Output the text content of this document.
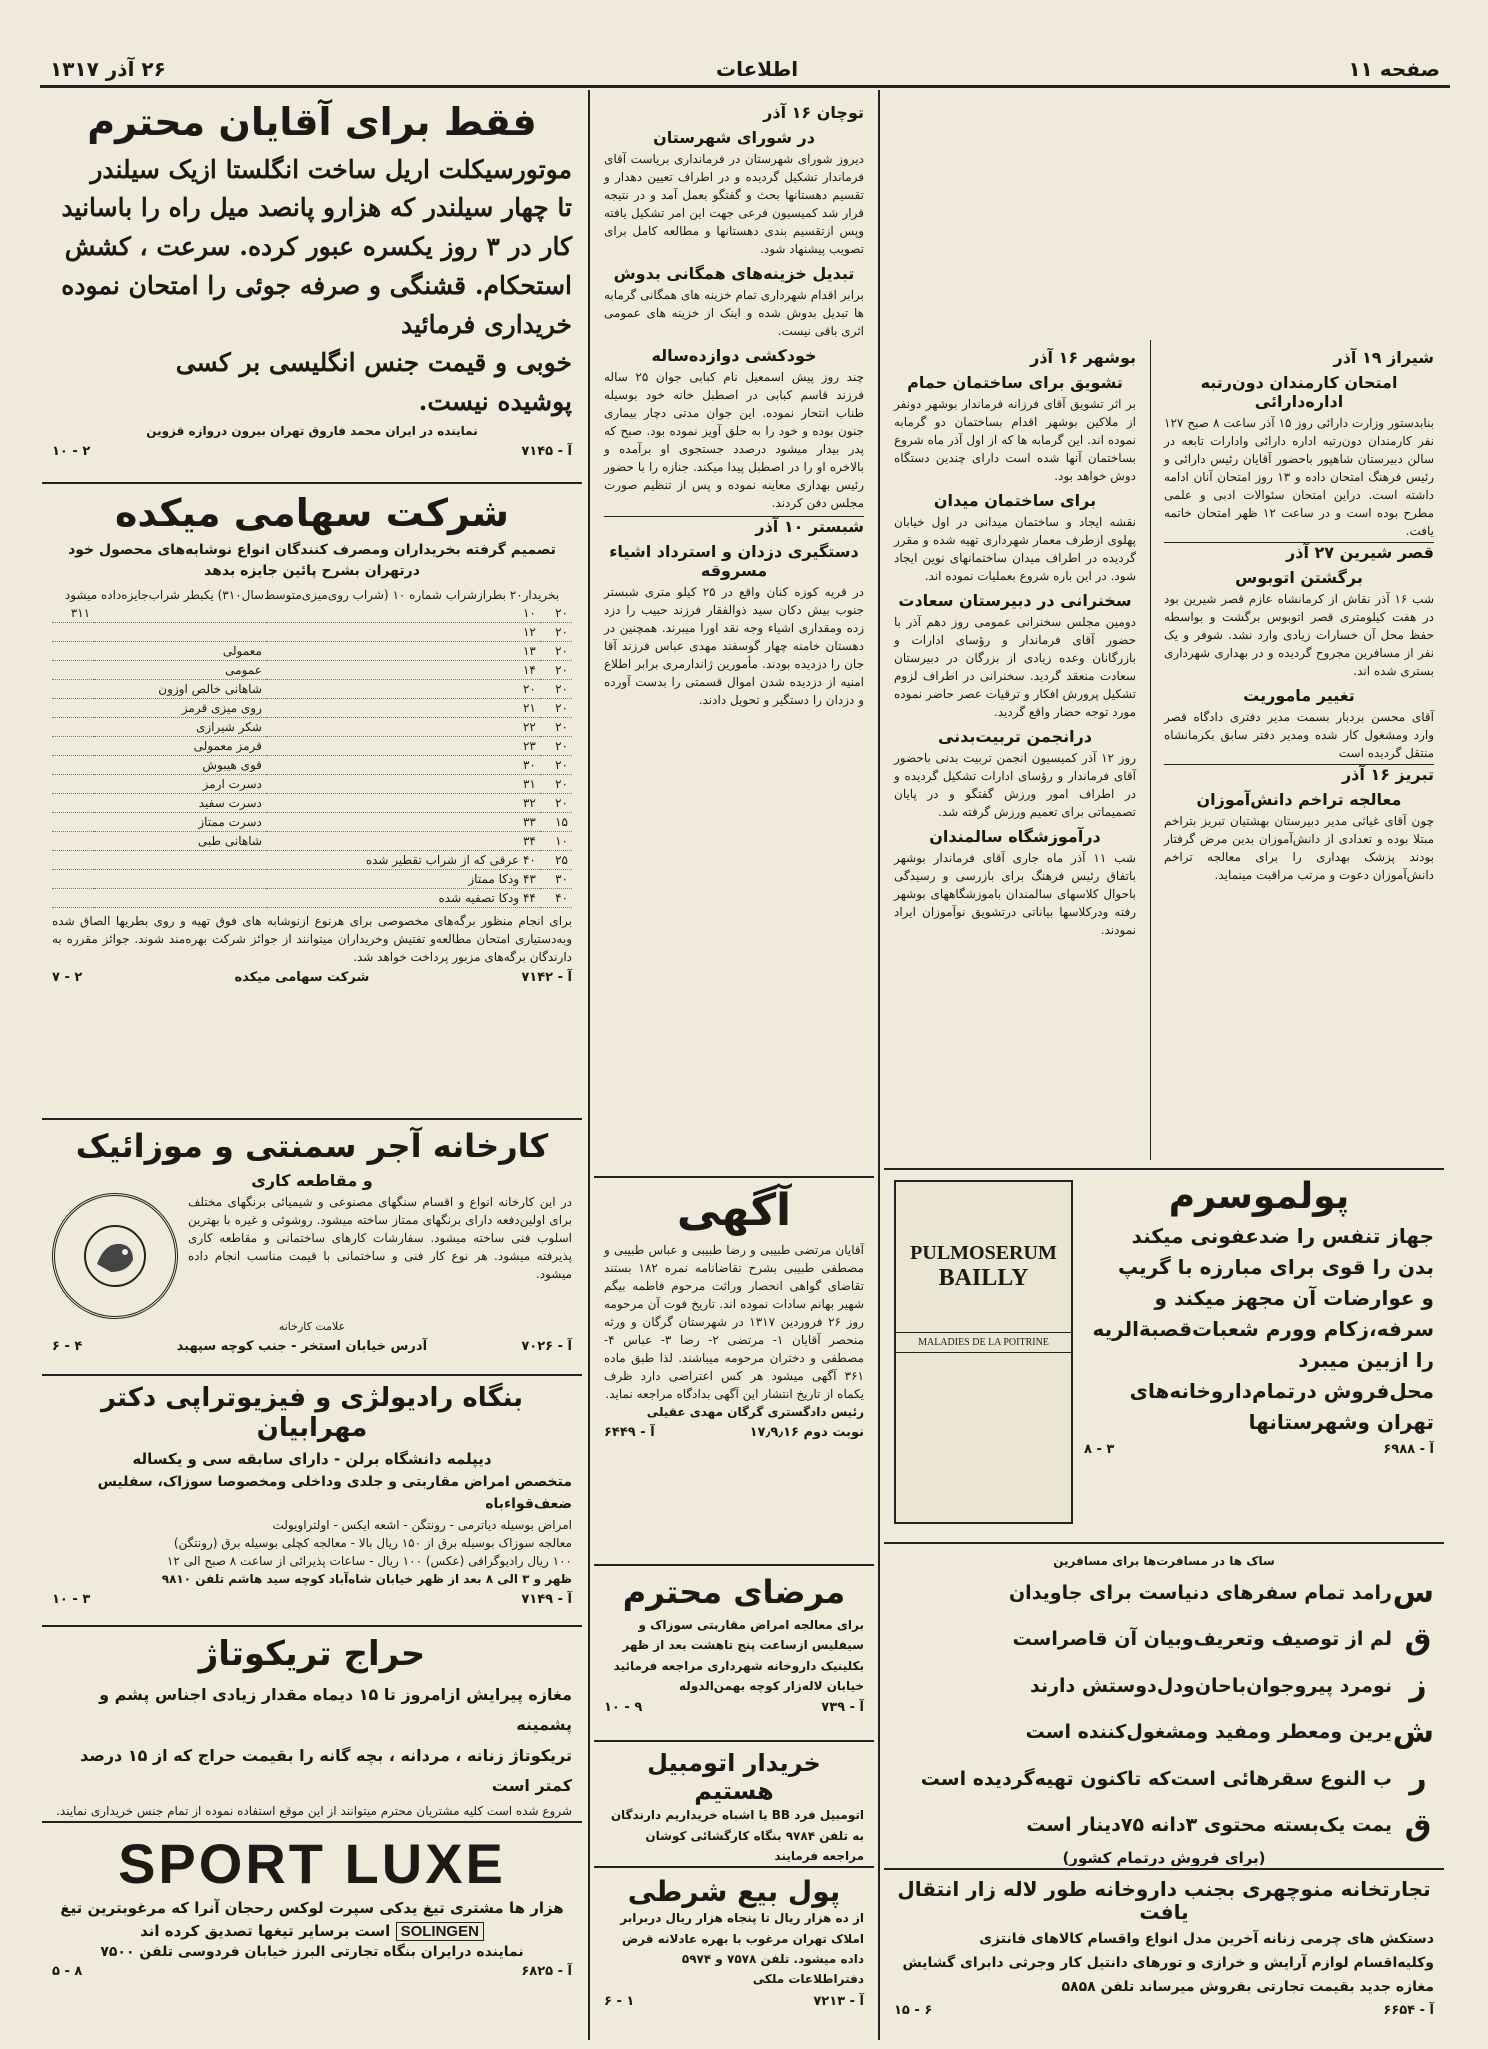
صفحه ۱۱
اطلاعات
۲۶ آذر ۱۳۱۷
فقط برای آقایان محترم
موتورسیکلت اریل ساخت انگلستا ازیک سیلندر
تا چهار سیلندر که هزارو پانصد میل راه را باسانید
کار در ۳ روز یکسره عبور کرده. سرعت ، کشش
استحکام. قشنگی و صرفه جوئی را امتحان نموده
خریداری فرمائید
خوبی و قیمت جنس انگلیسی بر کسی
پوشیده نیست.
نماینده در ایران محمد فاروق تهران بیرون دروازه قزوین
آ - ۷۱۴۵
۲ - ۱۰
شرکت سهامی میکده
تصمیم گرفته بخریداران ومصرف کنندگان انواع نوشابه‌های محصول خود درتهران بشرح پائین جایزه بدهد
بخریدار۲۰ بطرازشراب شماره ۱۰ (شراب روی‌میزی‌متوسط‌سال۳۱۰) یکبطر شراب‌جایزه‌داده میشود
۲۰	۱۰		۳۱۱
۲۰	۱۲		
۲۰	۱۳	معمولی	
۲۰	۱۴	عمومی	
۲۰	۲۰	شاهانی خالص اوزون	
۲۰	۲۱	روی میزی قرمز	
۲۰	۲۲	شکر شیرازی	
۲۰	۲۳	قرمز معمولی	
۲۰	۳۰	قوی هیبوش	
۲۰	۳۱	دسرت ارمز	
۲۰	۳۲	دسرت سفید	
۱۵	۳۳	دسرت ممتاز	
۱۰	۳۴	شاهانی طبی	
۲۵	۴۰ عرقی که از شراب تقطیر شده		
۳۰	۴۳ ودکا ممتاز		
۴۰	۴۴ ودکا تصفیه شده		
برای انجام منظور برگه‌های مخصوصی برای هرنوع ازنوشابه های فوق تهیه و روی بطریها الصاق شده وبه‌دستیاری امتحان مطالعه‌و تفتیش وخریداران میتوانند از جوائز شرکت بهره‌مند شوند. جوائز مقرره به دارندگان برگه‌های مزبور پرداخت خواهد شد.
آ - ۷۱۴۲
شرکت سهامی میکده
۲ - ۷
کارخانه آجر سمنتی و موزائیک
و مقاطعه کاری
در این کارخانه انواع و اقسام سنگهای مصنوعی و شیمیائی برنگهای مختلف برای اولین‌دفعه دارای برنگهای ممتاز ساخته میشود. روشوئی و غیره با بهترین اسلوب فنی ساخته میشود. سفارشات کارهای ساختمانی و مقاطعه کاری پذیرفته میشود. هر نوع کار فنی و ساختمانی با قیمت مناسب انجام داده میشود.
علامت کارخانه
آ - ۷۰۲۶
آدرس خیابان استخر - جنب کوچه سپهبد
۴ - ۶
بنگاه رادیولژی و فیزیوتراپی دکتر مهرابیان
دیپلمه دانشگاه برلن - دارای سابقه سی و یکساله
متخصص امراض مقاربتی و جلدی وداخلی ومخصوصا سوزاک، سفلیس ضعف‌قواءباه
امراض بوسیله دیاترمی - رونتگن - اشعه ایکس - اولتراویولت
معالجه سوزاک بوسیله برق از ۱۵۰ ریال بالا - معالجه کچلی بوسیله برق (رونتگن)
۱۰۰ ریال رادیوگرافی (عکس) ۱۰۰ ریال - ساعات پذیرائی از ساعت ۸ صبح الی ۱۲
ظهر و ۳ الی ۸ بعد از ظهر خیابان شاه‌آباد کوچه سید هاشم تلفن ۹۸۱۰
آ - ۷۱۴۹
۳ - ۱۰
حراج تریکوتاژ
مغازه پیرایش ازامروز تا ۱۵ دیماه مقدار زیادی اجناس‌ پشم و پشمینه
تریکوتاژ زنانه ، مردانه ، بچه گانه را بقیمت حراج که از ۱۵ درصد کمتر است
شروع شده است کلیه مشتریان محترم میتوانند از این موقع استفاده نموده از تمام جنس خریداری نمایند.
SPORT LUXE
هزار ها مشتری تیغ یدکی سپرت لوکس رحجان آنرا که مرغوبترین تیغ
SOLINGEN است برسایر تیغها تصدیق کرده اند
نماینده درایران بنگاه تجارتی البرز خیابان فردوسی تلفن ۷۵۰۰
آ - ۶۸۲۵
۸ - ۵
توچان ۱۶ آذر
در شورای شهرستان
دیروز شورای شهرستان در فرمانداری بریاست آقای فرماندار تشکیل گردیده و در اطراف تعیین دهدار و تقسیم دهستانها بحث و گفتگو بعمل آمد و در نتیجه قرار شد کمیسیون فرعی جهت این امر تشکیل یافته وپس ازتقسیم بندی دهستانها و مطالعه کامل برای تصویب پیشنهاد شود.
تبدیل خزینه‌های همگانی بدوش
برابر اقدام شهرداری تمام خزینه های همگانی گرمابه ها تبدیل بدوش شده و اینک از خزینه های عمومی اثری باقی نیست.
خودکشی دوازده‌ساله
چند روز پیش اسمعیل نام کبابی جوان ۲۵ ساله فرزند قاسم کبابی در اصطبل خانه خود بوسیله طناب انتحار نموده. این جوان مدتی دچار بیماری جنون بوده و خود را به حلق آویز نموده بود. صبح که پدر بیدار میشود درصدد جستجوی او برآمده و بالاخره او را در اصطبل پیدا میکند. جنازه را با حضور رئیس بهداری معاینه نموده و پس از تنظیم صورت مجلس دفن کردند.
شبستر ۱۰ آذر
دستگیری دزدان و استرداد اشیاء مسروقه
در قریه کوزه کنان واقع در ۲۵ کیلو متری شبستر جنوب بیش دکان سید ذوالفقار فرزند حبیب را دزد زده ومقداری اشیاء وجه نقد اورا میبرند. همچنین در دهستان خامنه چهار گوسفند مهدی عباس فرزند آقا جان را دزدیده بودند. مأمورین ژاندارمری برابر اطلاع امنیه از دزدیده شدن اموال قسمتی را بدست آورده و دزدان را دستگیر و تحویل دادند.
آگهی
آقایان مرتضی طبیبی و رضا طبیبی و عباس طبیبی و مصطفی طبیبی بشرح تقاضانامه نمره ۱۸۲ بستند تقاضای گواهی انحصار وراثت مرحوم فاطمه بیگم شهیر بهانم سادات نموده اند. تاریخ فوت آن مرحومه روز ۲۶ فروردین ۱۳۱۷ در شهرستان گرگان و ورثه منحصر آقایان ۱- مرتضی ۲- رضا ۳- عباس ۴- مصطفی و دختران مرحومه میباشند. لذا طبق ماده ۳۶۱ آگهی میشود هر کس اعتراضی دارد ظرف یکماه از تاریخ انتشار این آگهی بدادگاه مراجعه نماید.
رئیس دادگستری گرگان مهدی عقیلی
نوبت دوم ۱۷٫۹٫۱۶
آ - ۶۴۴۹
مرضای محترم
برای معالجه امراض مقاربتی سوزاک و سیفلیس ازساعت پنج تاهشت بعد از ظهر بکلینیک داروخانه شهرداری مراجعه فرمائید خیابان لاله‌زار کوچه بهمن‌الدوله
آ - ۷۳۹
۹ - ۱۰
خریدار اتومبیل هستیم
اتومبیل فرد BB یا اشباه خریداریم دارندگان به تلفن ۹۷۸۴ بنگاه کارگشائی کوشان مراجعه فرمایند
پول بیع شرطی
از ده هزار ریال تا پنجاه هزار ریال دربرابر املاک تهران مرغوب با بهره عادلانه قرض داده میشود. تلفن ۷۵۷۸ و ۵۹۷۴ دفتراطلاعات ملکی
آ - ۷۲۱۳
۱ - ۶
بوشهر ۱۶ آذر
تشویق برای ساختمان حمام
بر اثر تشویق آقای فرزانه فرماندار بوشهر دونفر از ملاکین بوشهر اقدام بساختمان دو گرمابه نموده اند. این گرمابه ها که از اول آذر ماه شروع بساختمان آنها شده است دارای چندین دستگاه دوش خواهد بود.
برای ساختمان میدان
نقشه ایجاد و ساختمان میدانی در اول خیابان پهلوی ازطرف معمار شهرداری تهیه شده و مقرر گردیده در اطراف میدان ساختمانهای نوین ایجاد شود. در این باره شروع بعملیات نموده اند.
سخنرانی در دبیرستان سعادت
دومین مجلس سخنرانی عمومی روز دهم آذر با حضور آقای فرماندار و رؤسای ادارات و بازرگانان وعده زیادی از بزرگان در دبیرستان سعادت منعقد گردید. سخنرانی در اطراف لزوم تشکیل پرورش افکار و ترقیات عصر حاضر نموده مورد توجه حضار واقع گردید.
درانجمن تربیت‌بدنی
روز ۱۲ آذر کمیسیون انجمن تربیت بدنی باحضور آقای فرماندار و رؤسای ادارات تشکیل گردیده و در اطراف امور ورزش گفتگو و در پایان تصمیماتی برای تعمیم ورزش گرفته شد.
درآموزشگاه سالمندان
شب ۱۱ آذر ماه جاری آقای فرماندار بوشهر باتفاق رئیس فرهنگ برای بازرسی و رسیدگی باحوال کلاسهای سالمندان باموزشگاههای بوشهر رفته ودرکلاسها بیاناتی درتشویق نوآموزان ایراد نمودند.
شیراز ۱۹ آذر
امتحان کارمندان دون‌رتبه اداره‌دارائی
بنابدستور وزارت دارائی روز ۱۵ آذر ساعت ۸ صبح ۱۲۷ نفر کارمندان دون‌رتبه اداره دارائی وادارات تابعه در سالن دبیرستان شاهپور باحضور آقایان رئیس دارائی و رئیس فرهنگ امتحان داده و ۱۳ روز امتحان آنان ادامه داشته است. دراین امتحان سئوالات ادبی و علمی مطرح بوده است و در ساعت ۱۲ ظهر امتحان خاتمه یافت.
قصر شیرین ۲۷ آذر
برگشتن اتوبوس
شب ۱۶ آذر نقاش از کرمانشاه عازم قصر شیرین بود در هفت کیلومتری قصر اتوبوس برگشت و بواسطه حفظ محل آن خسارات زیادی وارد نشد. شوفر و یک نفر از مسافرین مجروح گردیده و در بهداری شهرداری بستری شده اند.
تغییر ماموریت
آقای محسن بردبار بسمت مدیر دفتری دادگاه قصر وارد ومشغول کار شده ومدیر دفتر سابق بکرمانشاه منتقل گردیده است
تبریز ۱۶ آذر
معالجه تراخم دانش‌آموزان
چون آقای غیاثی مدیر دبیرستان بهشتیان تبریز بتراخم مبتلا بوده و تعدادی از دانش‌آموزان بدین مرض گرفتار بودند پزشک بهداری را برای معالجه تراخم دانش‌آموزان دعوت و مرتب مراقبت مینماید.
PULMOSERUM
BAILLY
MALADIES DE LA POITRINE
پولموسرم
جهاز تنفس را ضدعفونی میکند
بدن را قوی برای مبارزه با گریپ
و عوارضات آن مجهز میکند و
سرفه،زکام وورم شعبات‌قصبةالریه
را ازبین میبرد
محل‌فروش درتمام‌داروخانه‌های
تهران وشهرستانها
آ - ۶۹۸۸
۳ - ۸
ساک ها در مسافرت‌ها برای مسافرین
س
رامد تمام سفرهای دنیاست برای جاویدان
ق
لم از توصیف وتعریف‌وبیان آن قاصراست
ز
نومرد پیروجوان‌باحان‌ودل‌دوستش دارند
ش
یرین ومعطر ومفید ومشغول‌کننده است
ر
ب النوع سقرهائی است‌که تاکنون تهیه‌گردیده است
ق
یمت یک‌بسته محتوی ۳دانه ۷۵دینار است
(برای فروش درتمام کشور)
تجارتخانه منوچهری بجنب داروخانه طور لاله زار انتقال یافت
دستکش های چرمی زنانه آخرین مدل انواع واقسام کالاهای فانتزی وکلیه‌اقسام لوازم آرایش و خرازی و تورهای دانتیل کار وجرثی دابرای گشایش مغازه جدید بقیمت تجارتی بفروش میرساند تلفن ۵۸۵۸
آ - ۶۶۵۴
۶ - ۱۵
